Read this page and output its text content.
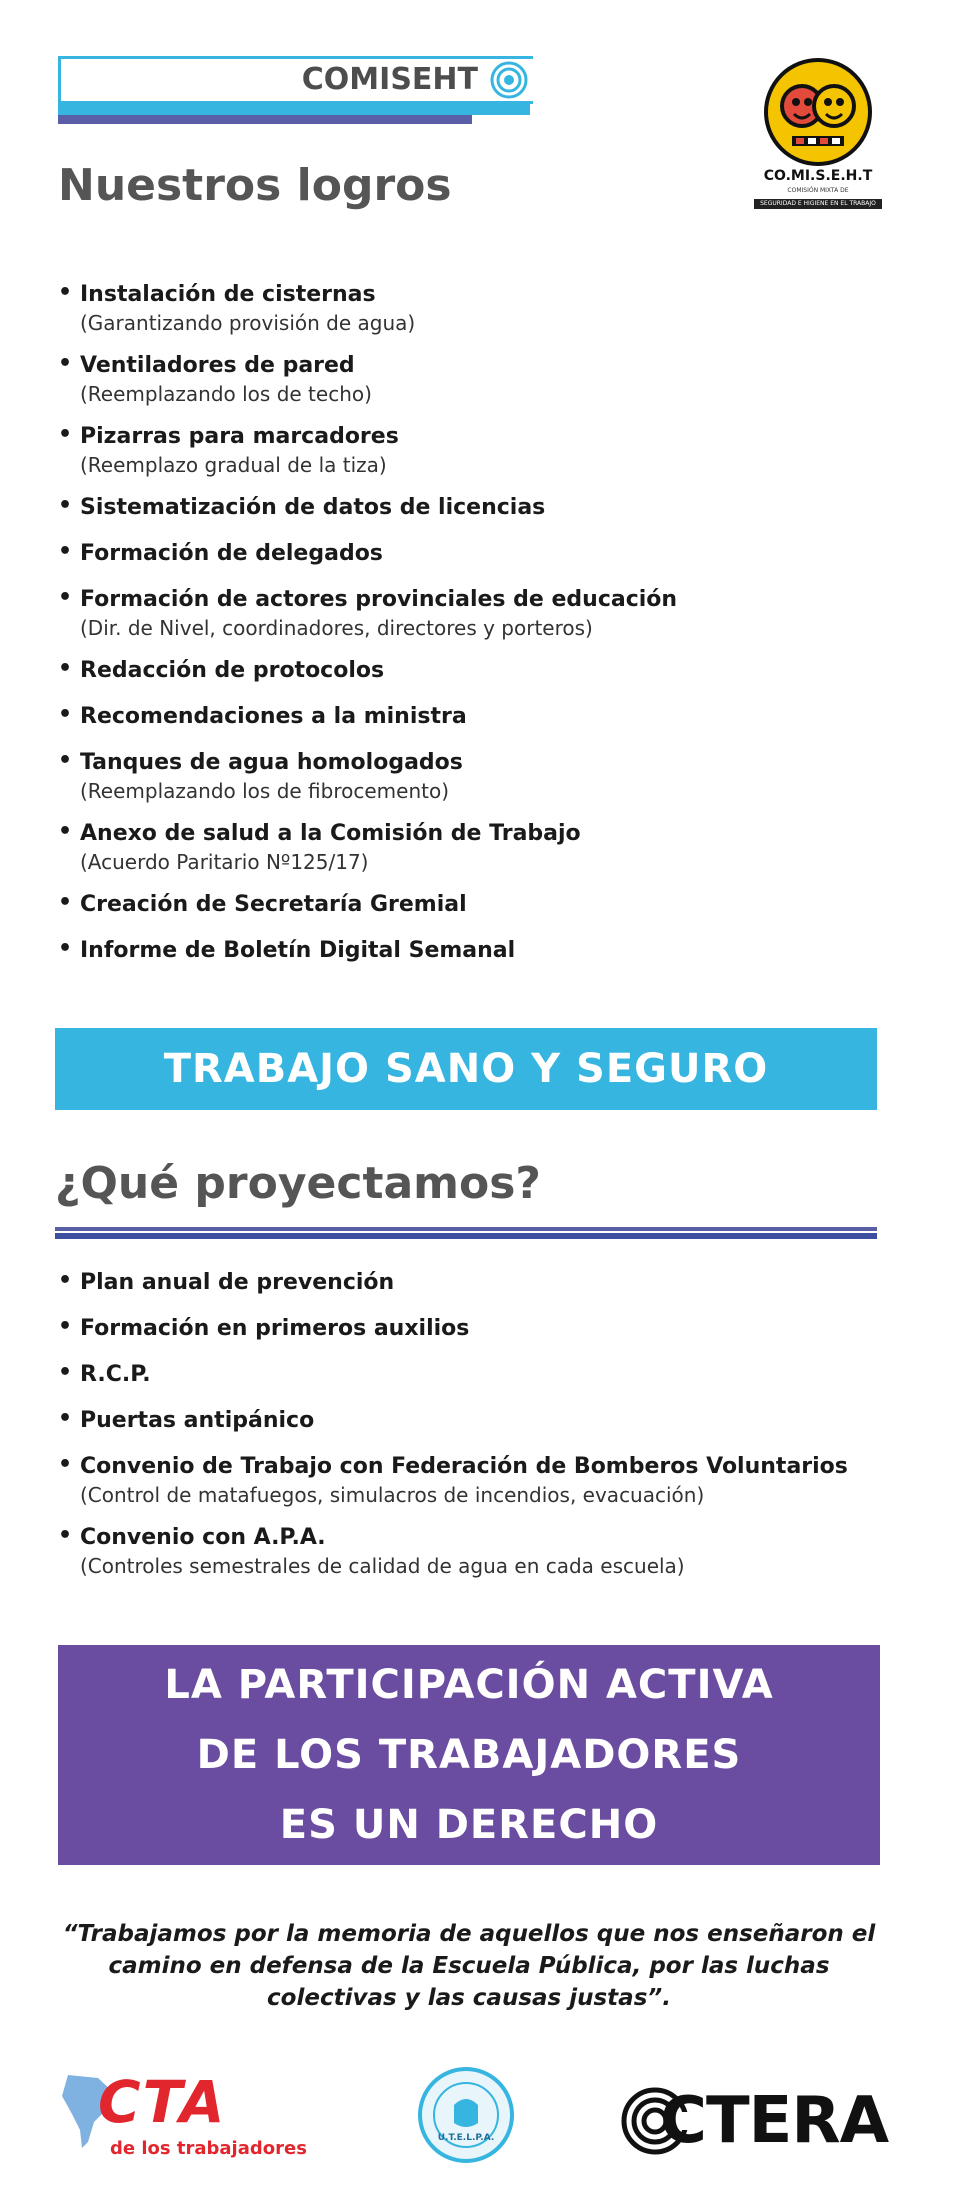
COMISEHT
CO.MI.S.E.H.T
COMISIÓN MIXTA DE
SEGURIDAD E HIGIENE EN EL TRABAJO
Nuestros logros
• Instalación de cisternas
(Garantizando provisión de agua)
• Ventiladores de pared
(Reemplazando los de techo)
• Pizarras para marcadores
(Reemplazo gradual de la tiza)
• Sistematización de datos de licencias
• Formación de delegados
• Formación de actores provinciales de educación
(Dir. de Nivel, coordinadores, directores y porteros)
• Redacción de protocolos
• Recomendaciones a la ministra
• Tanques de agua homologados
(Reemplazando los de fibrocemento)
• Anexo de salud a la Comisión de Trabajo
(Acuerdo Paritario Nº125/17)
• Creación de Secretaría Gremial
• Informe de Boletín Digital Semanal
TRABAJO SANO Y SEGURO
¿Qué proyectamos?
• Plan anual de prevención
• Formación en primeros auxilios
• R.C.P.
• Puertas antipánico
• Convenio de Trabajo con Federación de Bomberos Voluntarios
(Control de matafuegos, simulacros de incendios, evacuación)
• Convenio con A.P.A.
(Controles semestrales de calidad de agua en cada escuela)
LA PARTICIPACIÓN ACTIVA
DE LOS TRABAJADORES
ES UN DERECHO
“Trabajamos por la memoria de aquellos que nos enseñaron el
camino en defensa de la Escuela Pública, por las luchas
colectivas y las causas justas”.
CTA
de los trabajadores	U.T.E.L.P.A.	CTERA
